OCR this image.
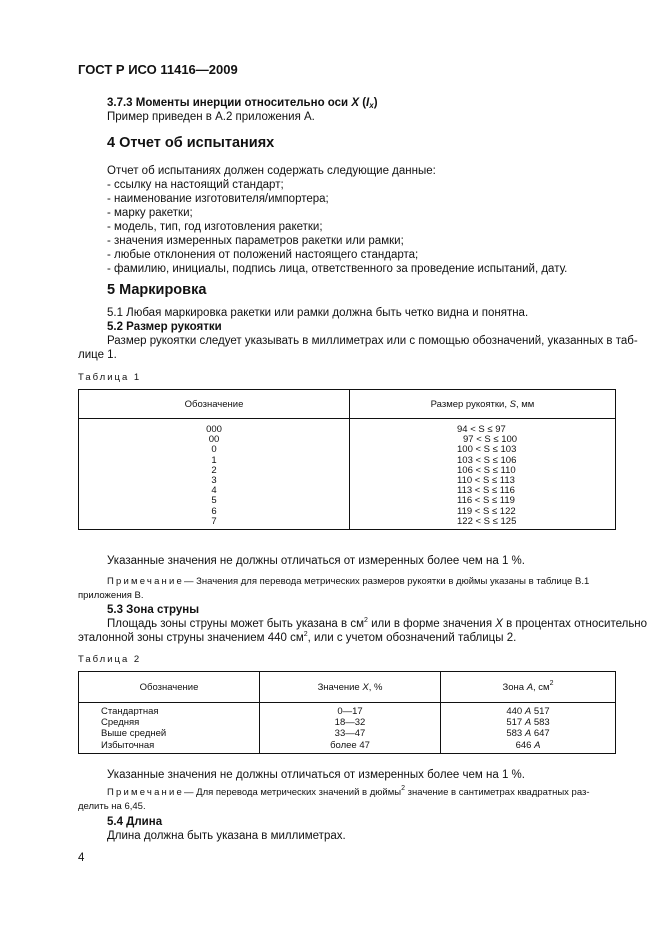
ГОСТ Р ИСО 11416—2009
3.7.3 Моменты инерции относительно оси X $(I_x)$
Пример приведен в А.2 приложения А.
4 Отчет об испытаниях
Отчет об испытаниях должен содержать следующие данные:
- ссылку на настоящий стандарт;
- наименование изготовителя/импортера;
- марку ракетки;
- модель, тип, год изготовления ракетки;
- значения измеренных параметров ракетки или рамки;
- любые отклонения от положений настоящего стандарта;
- фамилию, инициалы, подпись лица, ответственного за проведение испытаний, дату.
5 Маркировка
5.1 Любая маркировка ракетки или рамки должна быть четко видна и понятна.
5.2 Размер рукоятки
Размер рукоятки следует указывать в миллиметрах или с помощью обозначений, указанных в таб-
лице 1.
Таблица 1
Обозначение	Размер рукоятки, S, мм
000	94 < S ≤ 97
00	97 < S ≤ 100
0	100 < S ≤ 103
1	103 < S ≤ 106
2	106 < S ≤ 110
3	110 < S ≤ 113
4	113 < S ≤ 116
5	116 < S ≤ 119
6	119 < S ≤ 122
7	122 < S ≤ 125
Указанные значения не должны отличаться от измеренных более чем на 1 %.
Примечание— Значения для перевода метрических размеров рукоятки в дюймы указаны в таблице В.1
приложения В.
5.3 Зона струны
Площадь зоны струны может быть указана в $см^2$ или в форме значения X в процентах относительно
эталонной зоны струны значением 440 $см^2$, или с учетом обозначений таблицы 2.
Таблица 2
Обозначение	Значение X, %	Зона A, $см^2$
Стандартная	0—17	440 A 517
Средняя	18—32	517 A 583
Выше средней	33—47	583 A 647
Избыточная	более 47	646 A
Указанные значения не должны отличаться от измеренных более чем на 1 %.
Примечание— Для перевода метрических значений в дюймы$^2$ значение в сантиметрах квадратных раз-
делить на 6,45.
5.4 Длина
Длина должна быть указана в миллиметрах.
4
